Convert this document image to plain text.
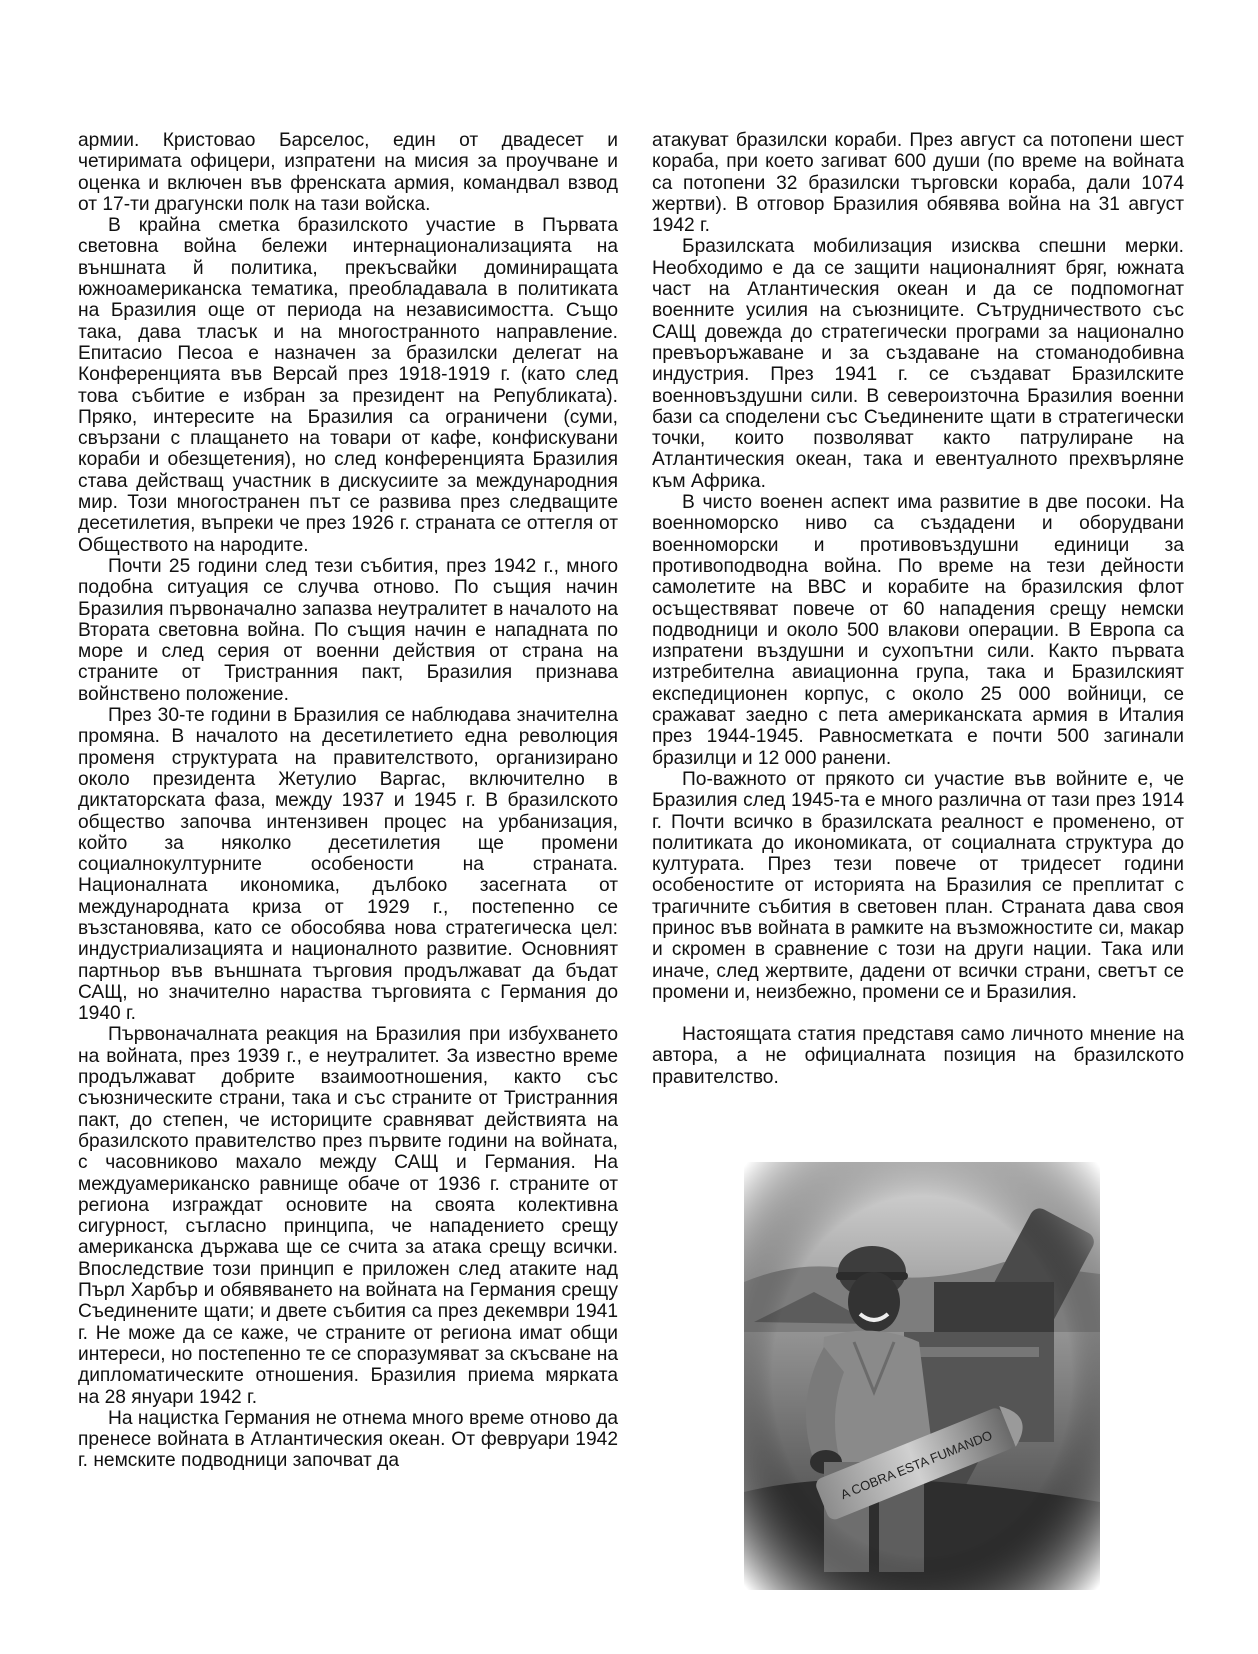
армии. Кристовао Барселос, един от двадесет и четиримата офицери, изпратени на мисия за проучване и оценка и включен във френската армия, командвал взвод от 17-ти драгунски полк на тази войска.

В крайна сметка бразилското участие в Първата световна война бележи интернационализацията на външната й политика, прекъсвайки доминиращата южноамериканска тематика, преобладавала в политиката на Бразилия още от периода на независимостта. Също така, дава тласък и на многостранното направление. Епитасио Песоа е назначен за бразилски делегат на Конференцията във Версай през 1918-1919 г. (като след това събитие е избран за президент на Републиката). Пряко, интересите на Бразилия са ограничени (суми, свързани с плащането на товари от кафе, конфискувани кораби и обезщетения), но след конференцията Бразилия става действащ участник в дискусиите за международния мир. Този многостранен път се развива през следващите десетилетия, въпреки че през 1926 г. страната се оттегля от Обществото на народите.

Почти 25 години след тези събития, през 1942 г., много подобна ситуация се случва отново. По същия начин Бразилия първоначално запазва неутралитет в началото на Втората световна война. По същия начин е нападната по море и след серия от военни действия от страна на страните от Тристранния пакт, Бразилия признава войнствено положение.

През 30-те години в Бразилия се наблюдава значителна промяна. В началото на десетилетието една революция променя структурата на правителството, организирано около президента Жетулио Варгас, включително в диктаторската фаза, между 1937 и 1945 г. В бразилското общество започва интензивен процес на урбанизация, който за няколко десетилетия ще промени социалнокултурните особености на страната. Националната икономика, дълбоко засегната от международната криза от 1929 г., постепенно се възстановява, като се обособява нова стратегическа цел: индустриализацията и националното развитие. Основният партньор във външната търговия продължават да бъдат САЩ, но значително нараства търговията с Германия до 1940 г.

Първоначалната реакция на Бразилия при избухването на войната, през 1939 г., е неутралитет. За известно време продължават добрите взаимоотношения, както със съюзническите страни, така и със страните от Тристранния пакт, до степен, че историците сравняват действията на бразилското правителство през първите години на войната, с часовниково махало между САЩ и Германия. На междуамериканско равнище обаче от 1936 г. страните от региона изграждат основите на своята колективна сигурност, съгласно принципа, че нападението срещу американска държава ще се счита за атака срещу всички. Впоследствие този принцип е приложен след атаките над Пърл Харбър и обявяването на войната на Германия срещу Съединените щати; и двете събития са през декември 1941 г. Не може да се каже, че страните от региона имат общи интереси, но постепенно те се споразумяват за скъсване на дипломатическите отношения. Бразилия приема мярката на 28 януари 1942 г.

На нацистка Германия не отнема много време отново да пренесе войната в Атлантическия океан. От февруари 1942 г. немските подводници започват да

атакуват бразилски кораби. През август са потопени шест кораба, при което загиват 600 души (по време на войната са потопени 32 бразилски търговски кораба, дали 1074 жертви). В отговор Бразилия обявява война на 31 август 1942 г.

Бразилската мобилизация изисква спешни мерки. Необходимо е да се защити националният бряг, южната част на Атлантическия океан и да се подпомогнат военните усилия на съюзниците. Сътрудничеството със САЩ довежда до стратегически програми за национално превъоръжаване и за създаване на стоманодобивна индустрия. През 1941 г. се създават Бразилските военновъздушни сили. В североизточна Бразилия военни бази са споделени със Съединените щати в стратегически точки, които позволяват както патрулиране на Атлантическия океан, така и евентуалното прехвърляне към Африка.

В чисто военен аспект има развитие в две посоки. На военноморско ниво са създадени и оборудвани военноморски и противовъздушни единици за противоподводна война. По време на тези дейности самолетите на ВВС и корабите на бразилския флот осъществяват повече от 60 нападения срещу немски подводници и около 500 влакови операции. В Европа са изпратени въздушни и сухопътни сили. Както първата изтребителна авиационна група, така и Бразилският експедиционен корпус, с около 25 000 войници, се сражават заедно с пета американската армия в Италия през 1944-1945. Равносметката е почти 500 загинали бразилци и 12 000 ранени.

По-важното от прякото си участие във войните е, че Бразилия след 1945-та е много различна от тази през 1914 г. Почти всичко в бразилската реалност е променено, от политиката до икономиката, от социалната структура до културата. През тези повече от тридесет години особеностите от историята на Бразилия се преплитат с трагичните събития в световен план. Страната дава своя принос във войната в рамките на възможностите си, макар и скромен в сравнение с този на други нации. Така или иначе, след жертвите, дадени от всички страни, светът се промени и, неизбежно, промени се и Бразилия.

Настоящата статия представя само личното мнение на автора, а не официалната позиция на бразилското правителство.
